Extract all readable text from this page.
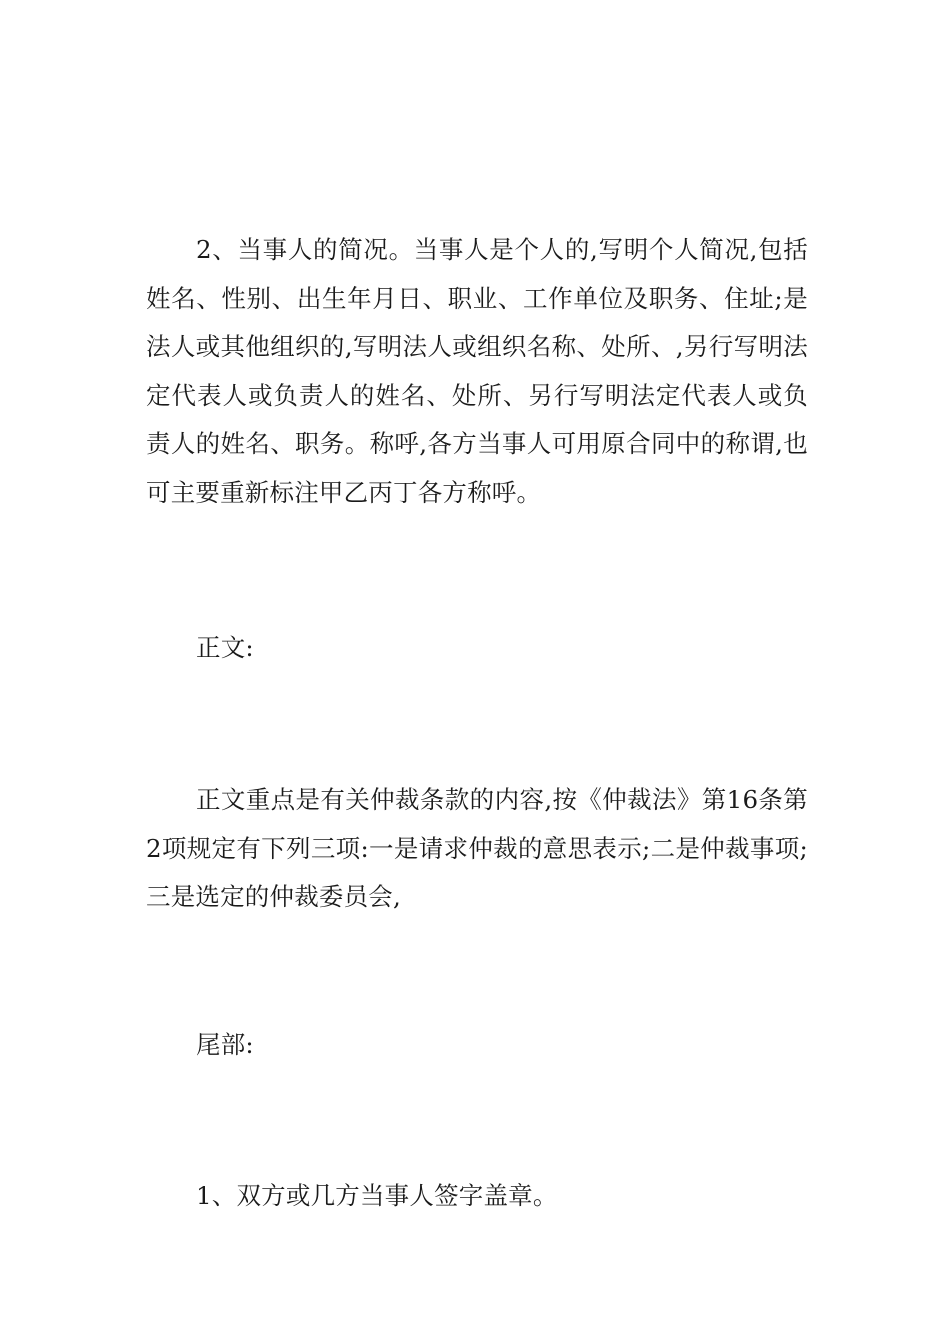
2、当事人的简况。当事人是个人的,写明个人简况,包括姓名、性别、出生年月日、职业、工作单位及职务、住址;是法人或其他组织的,写明法人或组织名称、处所、,另行写明法定代表人或负责人的姓名、处所、另行写明法定代表人或负责人的姓名、职务。称呼,各方当事人可用原合同中的称谓,也可主要重新标注甲乙丙丁各方称呼。

正文:

正文重点是有关仲裁条款的内容,按《仲裁法》第16条第2项规定有下列三项:一是请求仲裁的意思表示;二是仲裁事项;三是选定的仲裁委员会,

尾部:

1、双方或几方当事人签字盖章。
